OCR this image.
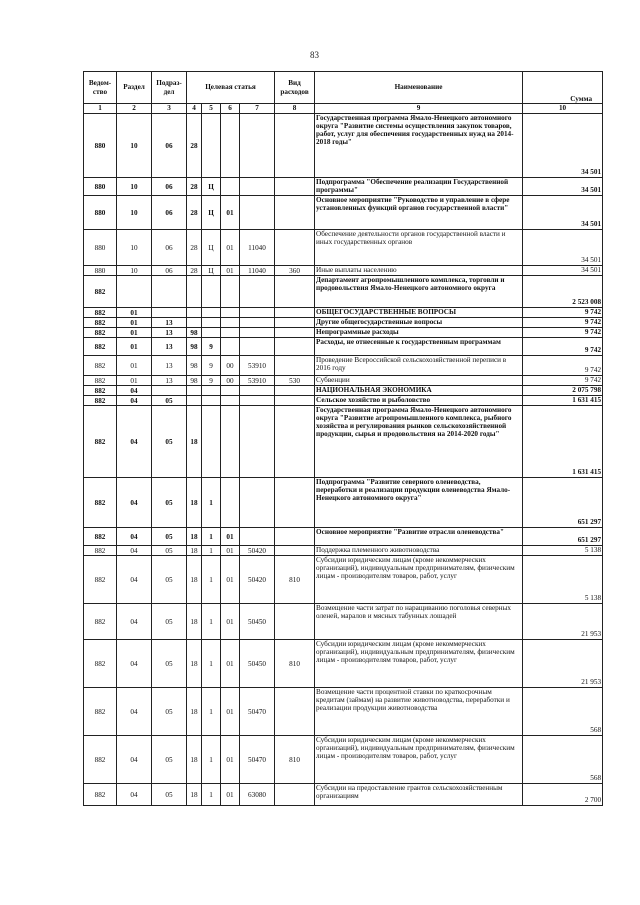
83
Ведом-ство	Раздел	Подраз-дел	Целевая статья				Вид расходов	Наименование	Сумма
1	2	3	4	5	6	7	8	9	10
880	10	06	28					Государственная программа Ямало-Ненецкого автономного округа "Развитие системы осуществления закупок товаров, работ, услуг для обеспечения государственных нужд на 2014-2018 годы"	34 501
880	10	06	28	Ц				Подпрограмма "Обеспечение реализации Государственной программы"	34 501
880	10	06	28	Ц	01			Основное мероприятие "Руководство и управление в сфере установленных функций органов государственной власти"	34 501
880	10	06	28	Ц	01	11040		Обеспечение деятельности органов государственной власти и иных государственных органов	34 501
880	10	06	28	Ц	01	11040	360	Иные выплаты населению	34 501
882								Департамент агропромышленного комплекса, торговли и продовольствия Ямало-Ненецкого автономного округа	2 523 008
882	01							ОБЩЕГОСУДАРСТВЕННЫЕ ВОПРОСЫ	9 742
882	01	13						Другие общегосударственные вопросы	9 742
882	01	13	98					Непрограммные расходы	9 742
882	01	13	98	9				Расходы, не отнесенные к государственным программам	9 742
882	01	13	98	9	00	53910		Проведение Всероссийской сельскохозяйственной переписи в 2016 году	9 742
882	01	13	98	9	00	53910	530	Субвенции	9 742
882	04							НАЦИОНАЛЬНАЯ ЭКОНОМИКА	2 075 798
882	04	05						Сельское хозяйство и рыболовство	1 631 415
882	04	05	18					Государственная программа Ямало-Ненецкого автономного округа "Развитие агропромышленного комплекса, рыбного хозяйства и регулирования рынков сельскохозяйственной продукции, сырья и продовольствия на 2014-2020 годы"	1 631 415
882	04	05	18	1				Подпрограмма "Развитие северного оленеводства, переработки и реализации продукции оленеводства Ямало-Ненецкого автономного округа"	651 297
882	04	05	18	1	01			Основное мероприятие "Развитие отрасли оленеводства"	651 297
882	04	05	18	1	01	50420		Поддержка племенного животноводства	5 138
882	04	05	18	1	01	50420	810	Субсидии юридическим лицам (кроме некоммерческих организаций), индивидуальным предпринимателям, физическим лицам - производителям товаров, работ, услуг	5 138
882	04	05	18	1	01	50450		Возмещение части затрат по наращиванию поголовья северных оленей, маралов и мясных табунных лошадей	21 953
882	04	05	18	1	01	50450	810	Субсидии юридическим лицам (кроме некоммерческих организаций), индивидуальным предпринимателям, физическим лицам - производителям товаров, работ, услуг	21 953
882	04	05	18	1	01	50470		Возмещение части процентной ставки по краткосрочным кредитам (займам) на развитие животноводства, переработки и реализации продукции животноводства	568
882	04	05	18	1	01	50470	810	Субсидии юридическим лицам (кроме некоммерческих организаций), индивидуальным предпринимателям, физическим лицам - производителям товаров, работ, услуг	568
882	04	05	18	1	01	63080		Субсидии на предоставление грантов сельскохозяйственным организациям	2 700
